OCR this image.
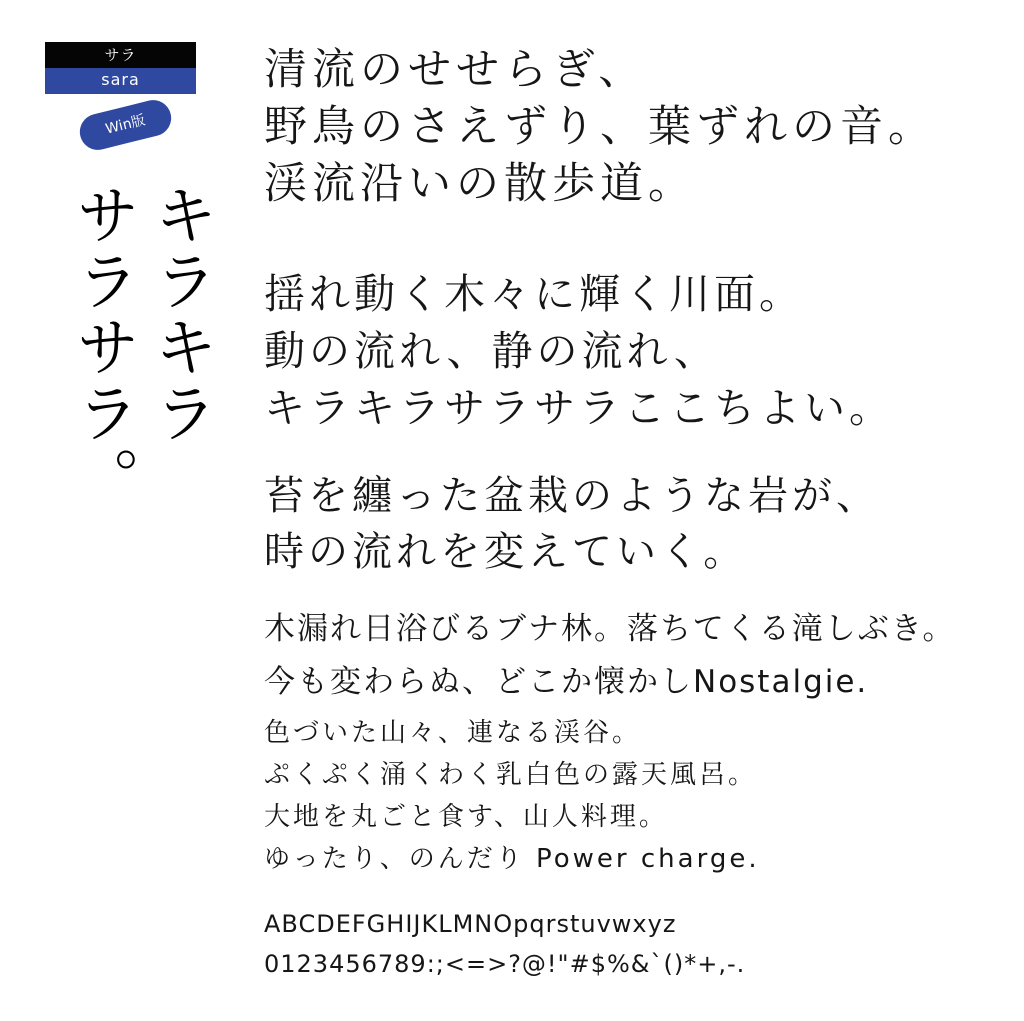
サラ
sara
Win版
キラキラ
サラサラ。
清流のせせらぎ、
野鳥のさえずり、葉ずれの音。
渓流沿いの散歩道。
揺れ動く木々に輝く川面。
動の流れ、静の流れ、
キラキラサラサラここちよい。
苔を纏った盆栽のような岩が、
時の流れを変えていく。
木漏れ日浴びるブナ林。落ちてくる滝しぶき。
今も変わらぬ、どこか懐かしNostalgie.
色づいた山々、連なる渓谷。
ぷくぷく涌くわく乳白色の露天風呂。
大地を丸ごと食す、山人料理。
ゆったり、のんだり Power charge.
ABCDEFGHIJKLMNOpqrstuvwxyz
0123456789:;<=>?@!"#$%&`()*+,-.
